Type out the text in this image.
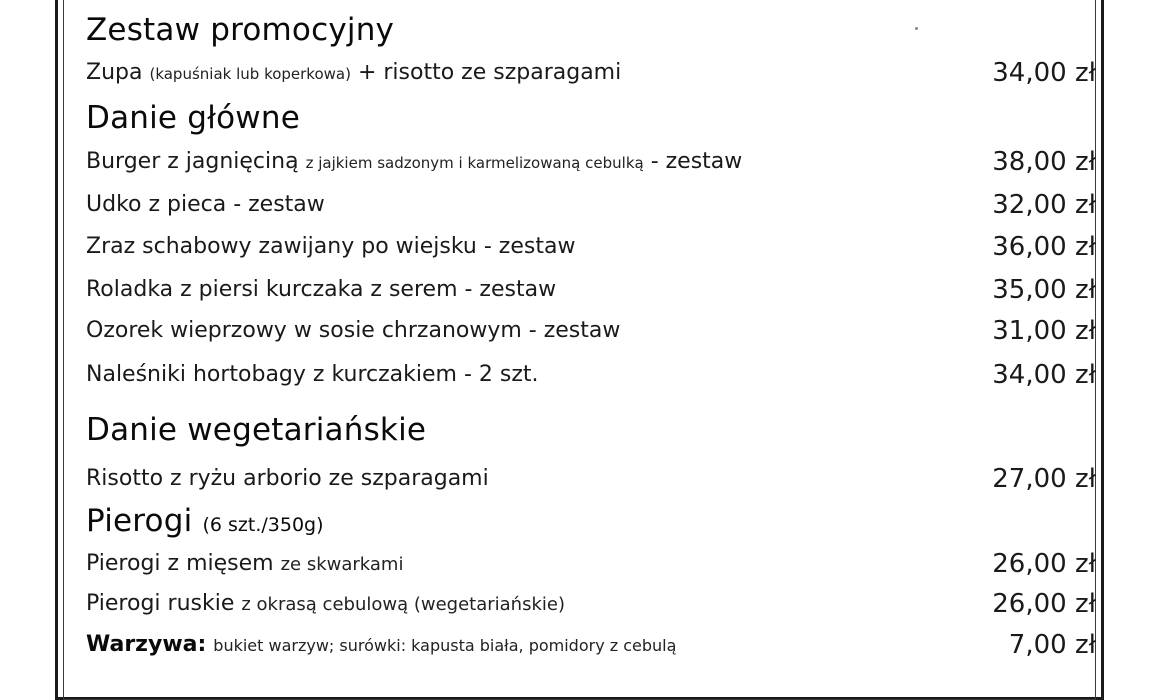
Zestaw promocyjny
Zupa (kapuśniak lub koperkowa) + risotto ze szparagami	34,00 zł
Danie główne
Burger z jagnięciną z jajkiem sadzonym i karmelizowaną cebulką - zestaw	38,00 zł
Udko z pieca - zestaw	32,00 zł
Zraz schabowy zawijany po wiejsku - zestaw	36,00 zł
Roladka z piersi kurczaka z serem - zestaw	35,00 zł
Ozorek wieprzowy w sosie chrzanowym - zestaw	31,00 zł
Naleśniki hortobagy z kurczakiem - 2 szt.	34,00 zł
Danie wegetariańskie
Risotto z ryżu arborio ze szparagami	27,00 zł
Pierogi (6 szt./350g)
Pierogi z mięsem ze skwarkami	26,00 zł
Pierogi ruskie z okrasą cebulową (wegetariańskie)	26,00 zł
Warzywa: bukiet warzyw; surówki: kapusta biała, pomidory z cebulą	7,00 zł
